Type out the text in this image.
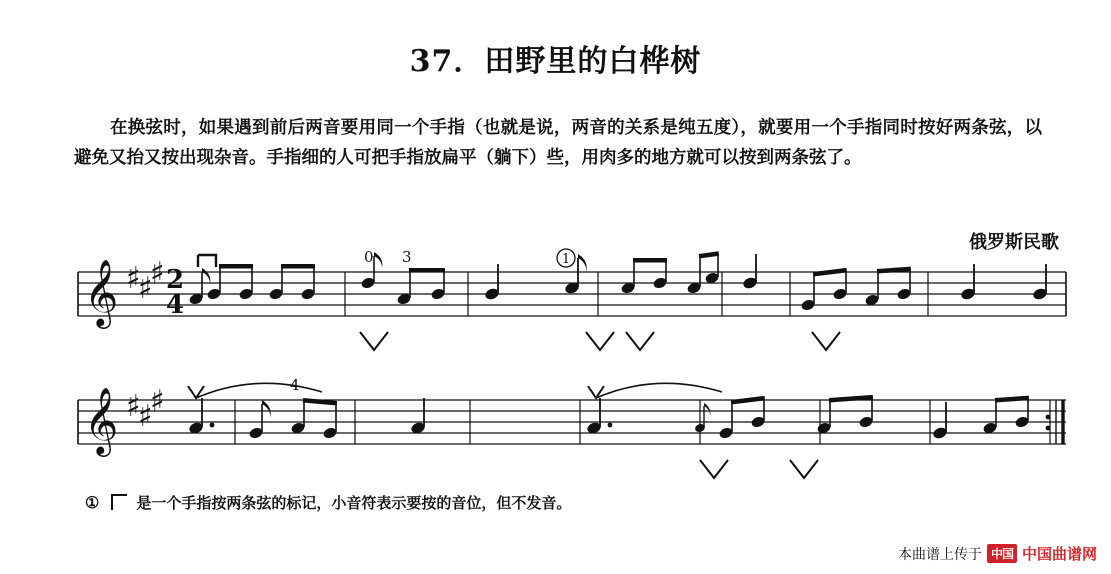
37．田野里的白桦树
在换弦时，如果遇到前后两音要用同一个手指（也就是说，两音的关系是纯五度），就要用一个手指同时按好两条弦，以避免又抬又按出现杂音。手指细的人可把手指放扁平（躺下）些，用肉多的地方就可以按到两条弦了。
俄罗斯民歌
𝄞
𝄞
♯
♯
♯
♯
♯
♯
2
4
0 3	1
4
① 是一个手指按两条弦的标记，小音符表示要按的音位，但不发音。
本曲谱上传于 中国 中国曲谱网
